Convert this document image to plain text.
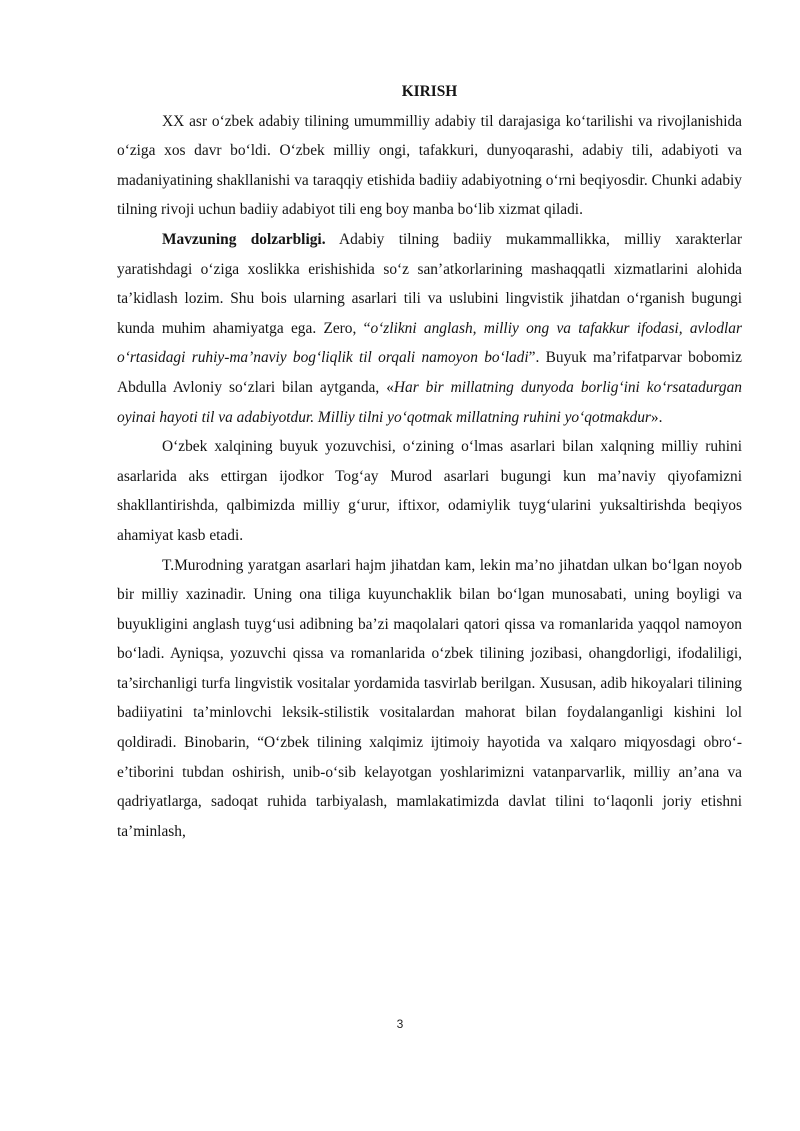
KIRISH

XX asr o‘zbek adabiy tilining umummilliy adabiy til darajasiga ko‘tarilishi va rivojlanishida o‘ziga xos davr bo‘ldi. O‘zbek milliy ongi, tafakkuri, dunyoqarashi, adabiy tili, adabiyoti va madaniyatining shakllanishi va taraqqiy etishida badiiy adabiyotning o‘rni beqiyosdir. Chunki adabiy tilning rivoji uchun badiiy adabiyot tili eng boy manba bo‘lib xizmat qiladi.

Mavzuning dolzarbligi. Adabiy tilning badiiy mukammallikka, milliy xarakterlar yaratishdagi o‘ziga xoslikka erishishida so‘z san’atkorlarining mashaqqatli xizmatlarini alohida ta’kidlash lozim. Shu bois ularning asarlari tili va uslubini lingvistik jihatdan o‘rganish bugungi kunda muhim ahamiyatga ega. Zero, “o‘zlikni anglash, milliy ong va tafakkur ifodasi, avlodlar o‘rtasidagi ruhiy-ma’naviy bog‘liqlik til orqali namoyon bo‘ladi”. Buyuk ma’rifatparvar bobomiz Abdulla Avloniy so‘zlari bilan aytganda, «Har bir millatning dunyoda borlig‘ini ko‘rsatadurgan oyinai hayoti til va adabiyotdur. Milliy tilni yo‘qotmak millatning ruhini yo‘qotmakdur».

O‘zbek xalqining buyuk yozuvchisi, o‘zining o‘lmas asarlari bilan xalqning milliy ruhini asarlarida aks ettirgan ijodkor Tog‘ay Murod asarlari bugungi kun ma’naviy qiyofamizni shakllantirishda, qalbimizda milliy g‘urur, iftixor, odamiylik tuyg‘ularini yuksaltirishda beqiyos ahamiyat kasb etadi.

T.Murodning yaratgan asarlari hajm jihatdan kam, lekin ma’no jihatdan ulkan bo‘lgan noyob bir milliy xazinadir. Uning ona tiliga kuyunchaklik bilan bo‘lgan munosabati, uning boyligi va buyukligini anglash tuyg‘usi adibning ba’zi maqolalari qatori qissa va romanlarida yaqqol namoyon bo‘ladi. Ayniqsa, yozuvchi qissa va romanlarida o‘zbek tilining jozibasi, ohangdorligi, ifodaliligi, ta’sirchanligi turfa lingvistik vositalar yordamida tasvirlab berilgan. Xususan, adib hikoyalari tilining badiiyatini ta’minlovchi leksik-stilistik vositalardan mahorat bilan foydalanganligi kishini lol qoldiradi. Binobarin, “O‘zbek tilining xalqimiz ijtimoiy hayotida va xalqaro miqyosdagi obro‘-e’tiborini tubdan oshirish, unib-o‘sib kelayotgan yoshlarimizni vatanparvarlik, milliy an’ana va qadriyatlarga, sadoqat ruhida tarbiyalash, mamlakatimizda davlat tilini to‘laqonli joriy etishni ta’minlash,

3
